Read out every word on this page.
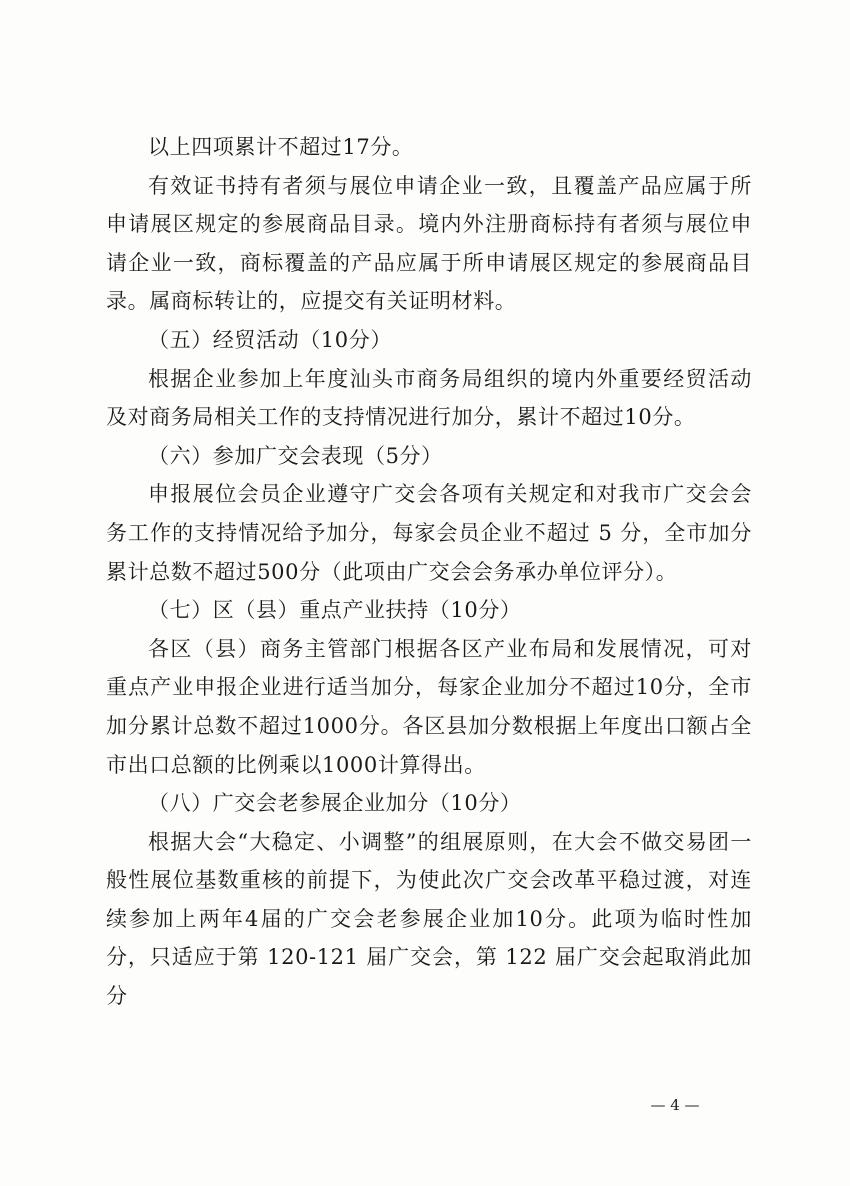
以上四项累计不超过17分。

有效证书持有者须与展位申请企业一致，且覆盖产品应属于所申请展区规定的参展商品目录。境内外注册商标持有者须与展位申请企业一致，商标覆盖的产品应属于所申请展区规定的参展商品目录。属商标转让的，应提交有关证明材料。

（五）经贸活动（10分）

根据企业参加上年度汕头市商务局组织的境内外重要经贸活动及对商务局相关工作的支持情况进行加分，累计不超过10分。

（六）参加广交会表现（5分）

申报展位会员企业遵守广交会各项有关规定和对我市广交会会务工作的支持情况给予加分，每家会员企业不超过 5 分，全市加分累计总数不超过500分（此项由广交会会务承办单位评分）。

（七）区（县）重点产业扶持（10分）

各区（县）商务主管部门根据各区产业布局和发展情况，可对重点产业申报企业进行适当加分，每家企业加分不超过10分，全市加分累计总数不超过1000分。各区县加分数根据上年度出口额占全市出口总额的比例乘以1000计算得出。

（八）广交会老参展企业加分（10分）

根据大会“大稳定、小调整”的组展原则，在大会不做交易团一般性展位基数重核的前提下，为使此次广交会改革平稳过渡，对连续参加上两年4届的广交会老参展企业加10分。此项为临时性加分，只适应于第 120-121 届广交会，第 122 届广交会起取消此加分

— 4 —
